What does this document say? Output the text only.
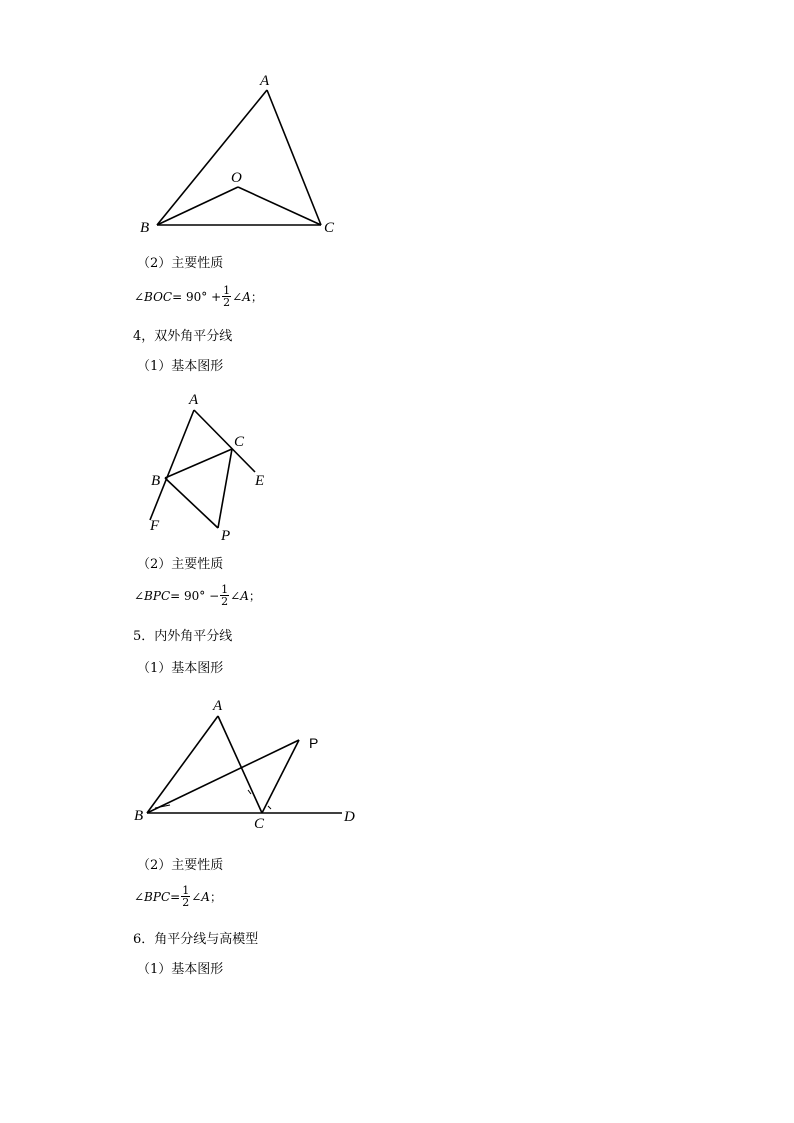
A
O
B	C
（2）主要性质
∠BOC = $90^\circ + \frac{1}{2}$ ∠A ；
4，双外角平分线
（1）基本图形
A
C
B	E
F
P
（2）主要性质
∠BPC = $90^\circ - \frac{1}{2}$ ∠A ；
5．内外角平分线
（1）基本图形
A
P
B	C	D
（2）主要性质
∠BPC = $\frac{1}{2}$ ∠A ；
6．角平分线与高模型
（1）基本图形
